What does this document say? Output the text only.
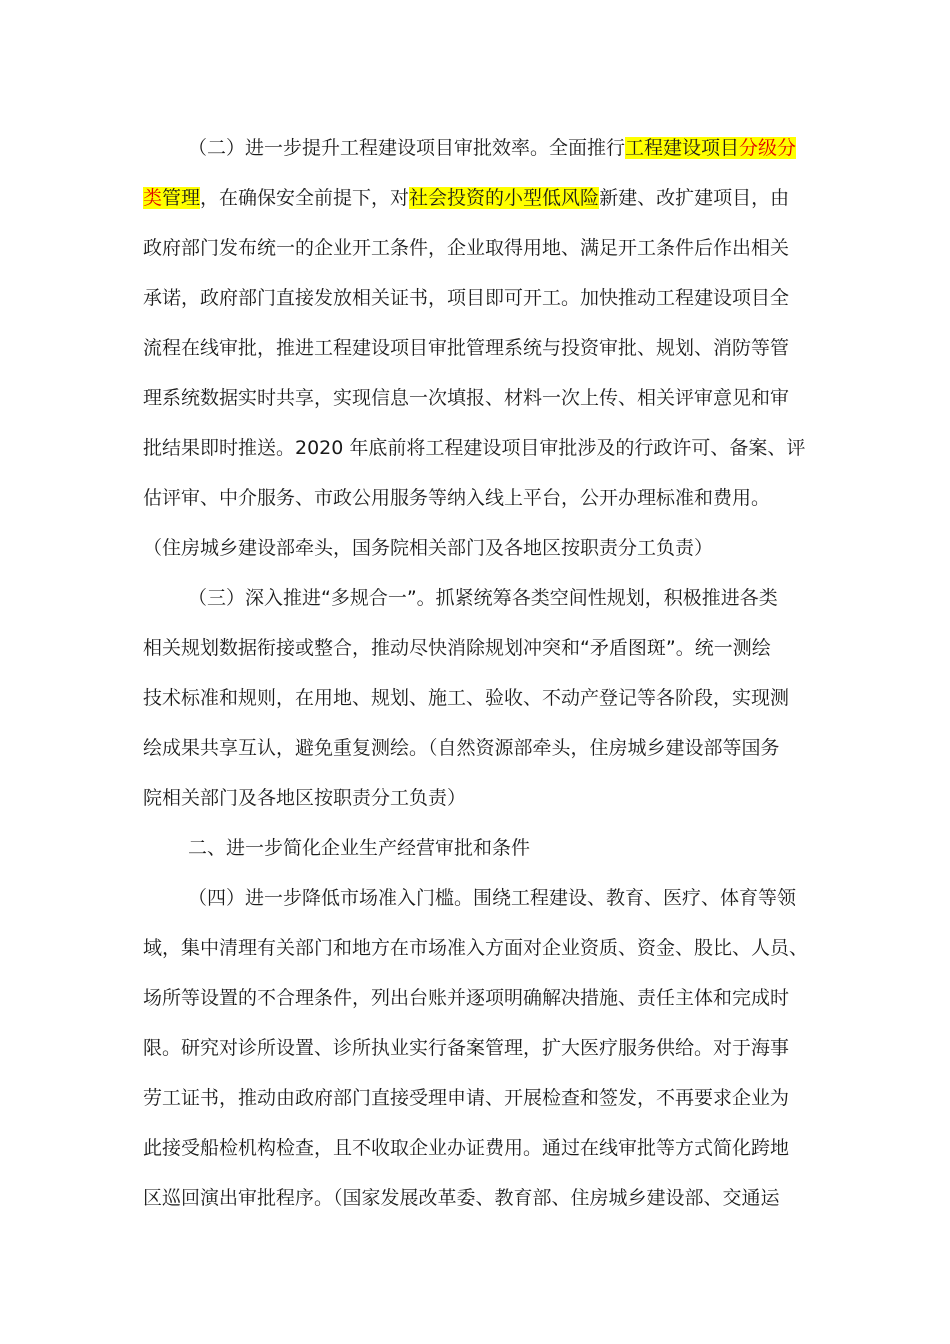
（二）进一步提升工程建设项目审批效率。全面推行工程建设项目分级分
类管理，在确保安全前提下，对社会投资的小型低风险新建、改扩建项目，由
政府部门发布统一的企业开工条件，企业取得用地、满足开工条件后作出相关
承诺，政府部门直接发放相关证书，项目即可开工。加快推动工程建设项目全
流程在线审批，推进工程建设项目审批管理系统与投资审批、规划、消防等管
理系统数据实时共享，实现信息一次填报、材料一次上传、相关评审意见和审
批结果即时推送。2020 年底前将工程建设项目审批涉及的行政许可、备案、评
估评审、中介服务、市政公用服务等纳入线上平台，公开办理标准和费用。
（住房城乡建设部牵头，国务院相关部门及各地区按职责分工负责）
（三）深入推进“多规合一”。抓紧统筹各类空间性规划，积极推进各类
相关规划数据衔接或整合，推动尽快消除规划冲突和“矛盾图斑”。统一测绘
技术标准和规则，在用地、规划、施工、验收、不动产登记等各阶段，实现测
绘成果共享互认，避免重复测绘。（自然资源部牵头，住房城乡建设部等国务
院相关部门及各地区按职责分工负责）
二、进一步简化企业生产经营审批和条件
（四）进一步降低市场准入门槛。围绕工程建设、教育、医疗、体育等领
域，集中清理有关部门和地方在市场准入方面对企业资质、资金、股比、人员、
场所等设置的不合理条件，列出台账并逐项明确解决措施、责任主体和完成时
限。研究对诊所设置、诊所执业实行备案管理，扩大医疗服务供给。对于海事
劳工证书，推动由政府部门直接受理申请、开展检查和签发，不再要求企业为
此接受船检机构检查，且不收取企业办证费用。通过在线审批等方式简化跨地
区巡回演出审批程序。（国家发展改革委、教育部、住房城乡建设部、交通运
